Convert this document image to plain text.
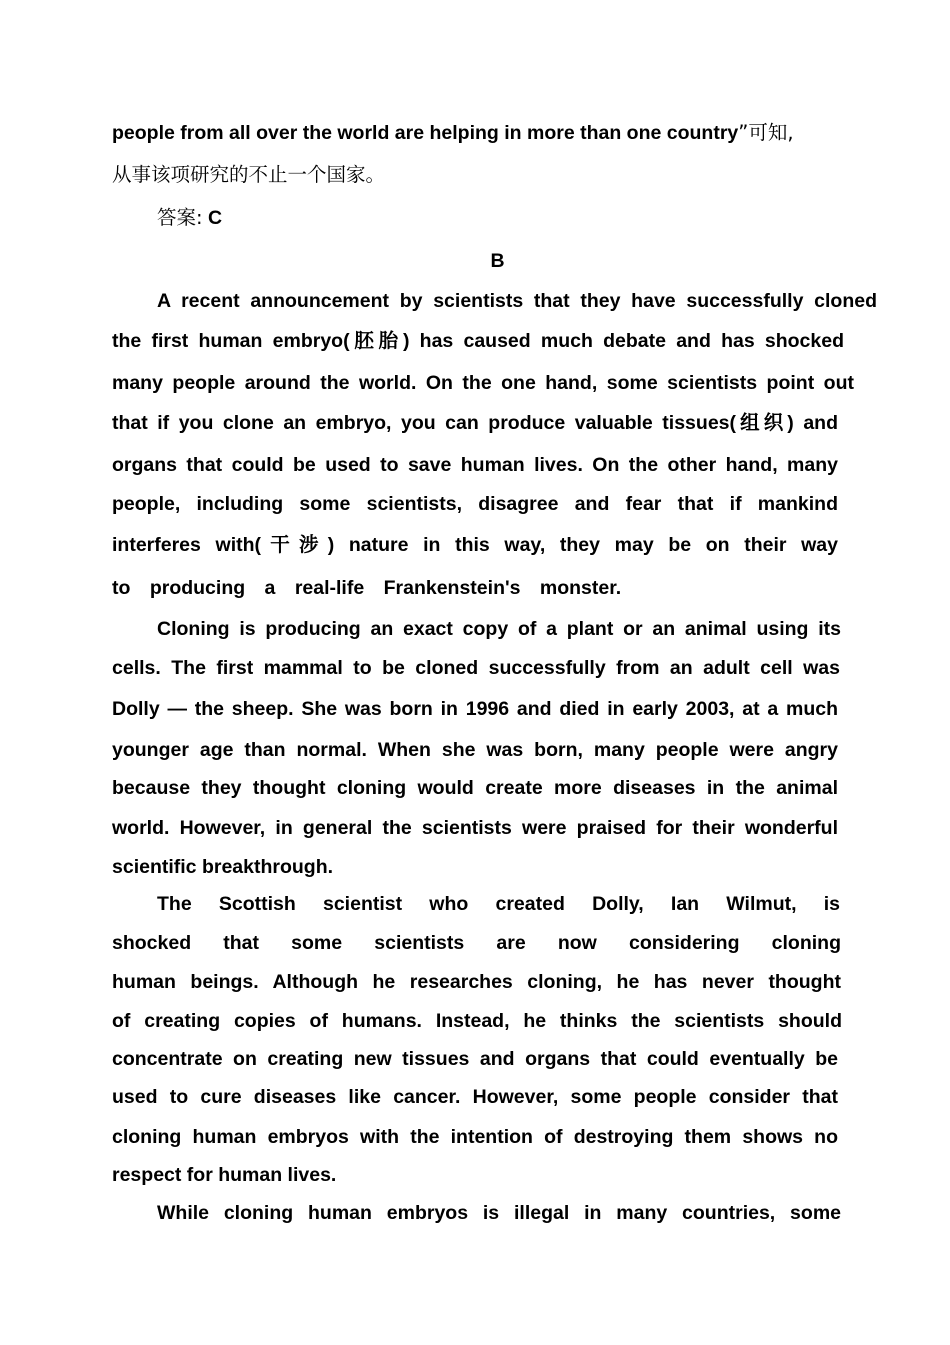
people from all over the world are helping in more than one country”可知,
从事该项研究的不止一个国家。
答案: C
B
A recent announcement by scientists that they have successfully cloned
the first human embryo(胚胎) has caused much debate and has shocked
many people around the world. On the one hand, some scientists point out
that if you clone an embryo, you can produce valuable tissues(组织) and
organs that could be used to save human lives. On the other hand, many
people, including some scientists, disagree and fear that if mankind
interferes with(干涉) nature in this way, they may be on their way
to producing a real-life Frankenstein's monster.
Cloning is producing an exact copy of a plant or an animal using its
cells. The first mammal to be cloned successfully from an adult cell was
Dolly — the sheep. She was born in 1996 and died in early 2003, at a much
younger age than normal. When she was born, many people were angry
because they thought cloning would create more diseases in the animal
world. However, in general the scientists were praised for their wonderful
scientific breakthrough.
The Scottish scientist who created Dolly, Ian Wilmut, is
shocked that some scientists are now considering cloning
human beings. Although he researches cloning, he has never thought
of creating copies of humans. Instead, he thinks the scientists should
concentrate on creating new tissues and organs that could eventually be
used to cure diseases like cancer. However, some people consider that
cloning human embryos with the intention of destroying them shows no
respect for human lives.
While cloning human embryos is illegal in many countries, some
